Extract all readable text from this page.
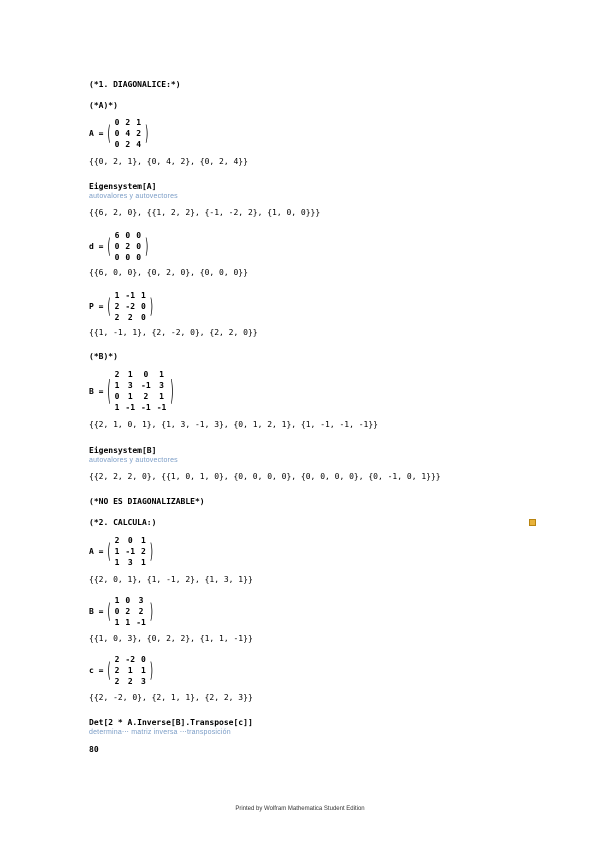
(*1. DIAGONALICE:*)
(*A)*)
A = ( 0	2	1
0	4	2
0	2	4 )
{{0, 2, 1}, {0, 4, 2}, {0, 2, 4}}
Eigensystem[A]
autovalores y autovectores
{{6, 2, 0}, {{1, 2, 2}, {-1, -2, 2}, {1, 0, 0}}}
d = ( 6	0	0
0	2	0
0	0	0 )
{{6, 0, 0}, {0, 2, 0}, {0, 0, 0}}
P = ( 1	-1	1
2	-2	0
2	2	0 )
{{1, -1, 1}, {2, -2, 0}, {2, 2, 0}}
(*B)*)
B = (
2	1	0	1
1	3	-1	3
0	1	2	1
1	-1	-1	-1
)
{{2, 1, 0, 1}, {1, 3, -1, 3}, {0, 1, 2, 1}, {1, -1, -1, -1}}
Eigensystem[B]
autovalores y autovectores
{{2, 2, 2, 0}, {{1, 0, 1, 0}, {0, 0, 0, 0}, {0, 0, 0, 0}, {0, -1, 0, 1}}}
(*NO ES DIAGONALIZABLE*)
(*2. CALCULA:)
A = ( 2	0	1
1	-1	2
1	3	1 )
{{2, 0, 1}, {1, -1, 2}, {1, 3, 1}}
B = ( 1	0	3
0	2	2
1	1	-1 )
{{1, 0, 3}, {0, 2, 2}, {1, 1, -1}}
c = ( 2	-2	0
2	1	1
2	2	3 )
{{2, -2, 0}, {2, 1, 1}, {2, 2, 3}}
Det[2 * A.Inverse[B].Transpose[c]]
determina⋯ matriz inversa ⋯transposición
80
Printed by Wolfram Mathematica Student Edition
